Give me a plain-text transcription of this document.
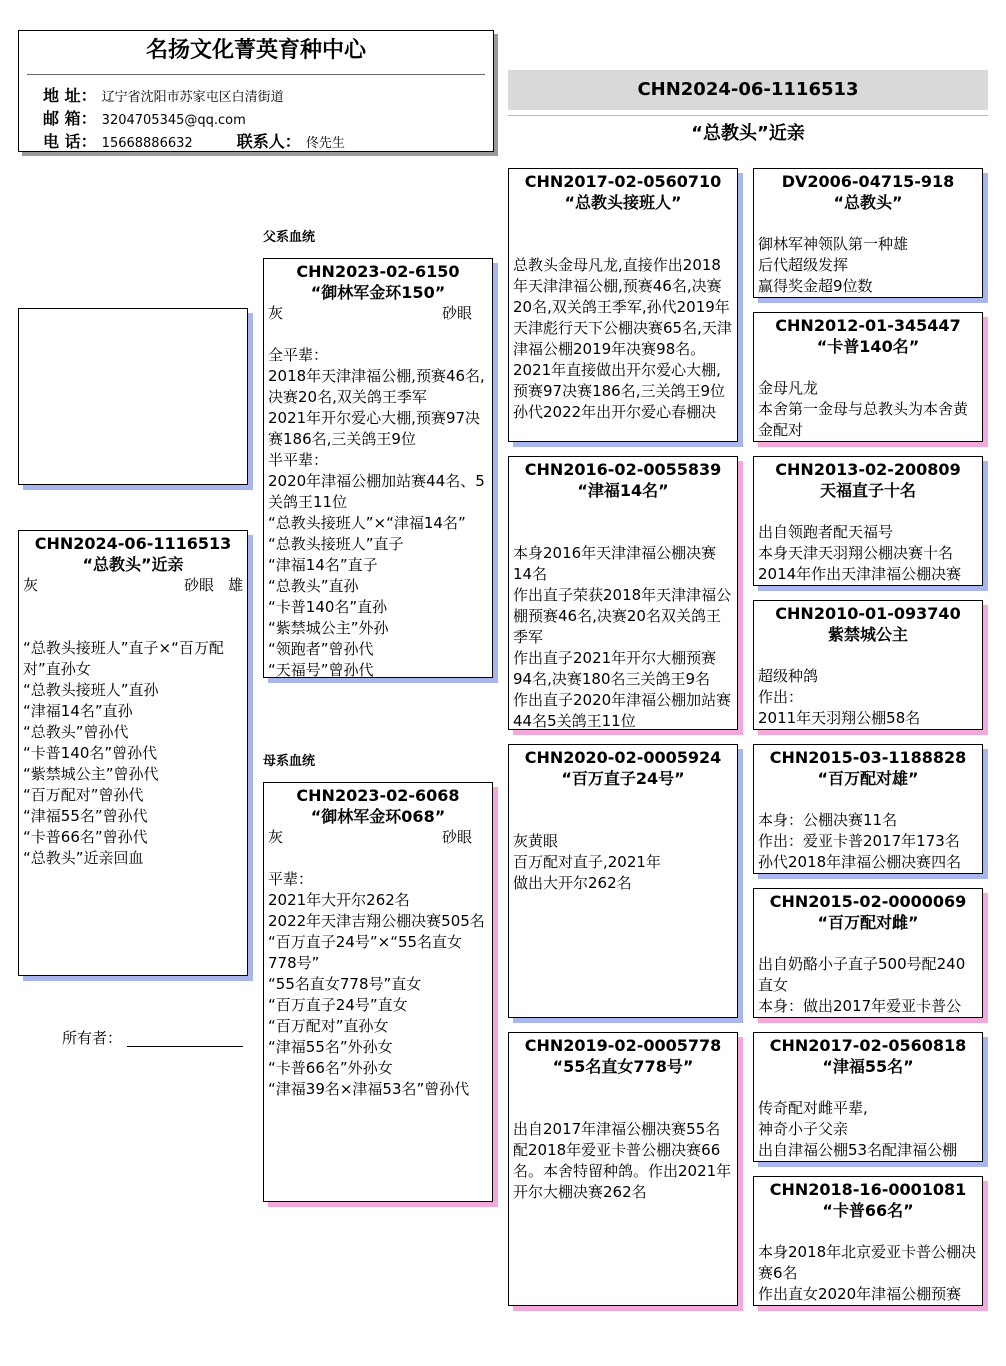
名扬文化菁英育种中心
地 址： 辽宁省沈阳市苏家屯区白清街道
邮 箱： 3204705345@qq.com
电 话： 15668886632	联系人： 佟先生
CHN2024-06-1116513
“总教头”近亲
CHN2024-06-1116513
“总教头”近亲
灰	砂眼 雄
“总教头接班人”直子×“百万配对”直孙女
“总教头接班人”直孙
“津福14名”直孙
“总教头”曾孙代
“卡普140名”曾孙代
“紫禁城公主”曾孙代
“百万配对”曾孙代
“津福55名”曾孙代
“卡普66名”曾孙代
“总教头”近亲回血
所有者：
父系血统
母系血统
CHN2023-02-6150
“御林军金环150”
灰	砂眼
全平辈：
2018年天津津福公棚,预赛46名,决赛20名,双关鸽王季军
2021年开尔爱心大棚,预赛97决赛186名,三关鸽王9位
半平辈：
2020年津福公棚加站赛44名、5关鸽王11位
“总教头接班人”×“津福14名”
“总教头接班人”直子
“津福14名”直子
“总教头”直孙
“卡普140名”直孙
“紫禁城公主”外孙
“领跑者”曾孙代
“天福号”曾孙代
CHN2023-02-6068
“御林军金环068”
灰	砂眼
平辈：
2021年大开尔262名
2022年天津吉翔公棚决赛505名
“百万直子24号”×“55名直女778号”
“55名直女778号”直女
“百万直子24号”直女
“百万配对”直孙女
“津福55名”外孙女
“卡普66名”外孙女
“津福39名×津福53名”曾孙代
CHN2017-02-0560710
“总教头接班人”
总教头金母凡龙,直接作出2018年天津津福公棚,预赛46名,决赛20名,双关鸽王季军,孙代2019年天津彪行天下公棚决赛65名,天津津福公棚2019年决赛98名。2021年直接做出开尔爱心大棚,预赛97决赛186名,三关鸽王9位
孙代2022年出开尔爱心春棚决
CHN2016-02-0055839
“津福14名”
本身2016年天津津福公棚决赛14名
作出直子荣获2018年天津津福公棚预赛46名,决赛20名双关鸽王季军
作出直子2021年开尔大棚预赛94名,决赛180名三关鸽王9名
作出直子2020年津福公棚加站赛44名5关鸽王11位
CHN2020-02-0005924
“百万直子24号”
灰黄眼
百万配对直子,2021年
做出大开尔262名
CHN2019-02-0005778
“55名直女778号”
出自2017年津福公棚决赛55名配2018年爱亚卡普公棚决赛66名。本舍特留种鸽。作出2021年开尔大棚决赛262名
DV2006-04715-918
“总教头”
御林军神领队第一种雄
后代超级发挥
赢得奖金超9位数
CHN2012-01-345447
“卡普140名”
金母凡龙
本舍第一金母与总教头为本舍黄金配对
CHN2013-02-200809
天福直子十名
出自领跑者配天福号
本身天津天羽翔公棚决赛十名
2014年作出天津津福公棚决赛
CHN2010-01-093740
紫禁城公主
超级种鸽
作出：
2011年天羽翔公棚58名
CHN2015-03-1188828
“百万配对雄”
本身：公棚决赛11名
作出：爱亚卡普2017年173名
孙代2018年津福公棚决赛四名
CHN2015-02-0000069
“百万配对雌”
出自奶酪小子直子500号配240直女
本身：做出2017年爱亚卡普公
CHN2017-02-0560818
“津福55名”
传奇配对雌平辈,
神奇小子父亲
出自津福公棚53名配津福公棚
CHN2018-16-0001081
“卡普66名”
本身2018年北京爱亚卡普公棚决赛6名
作出直女2020年津福公棚预赛
